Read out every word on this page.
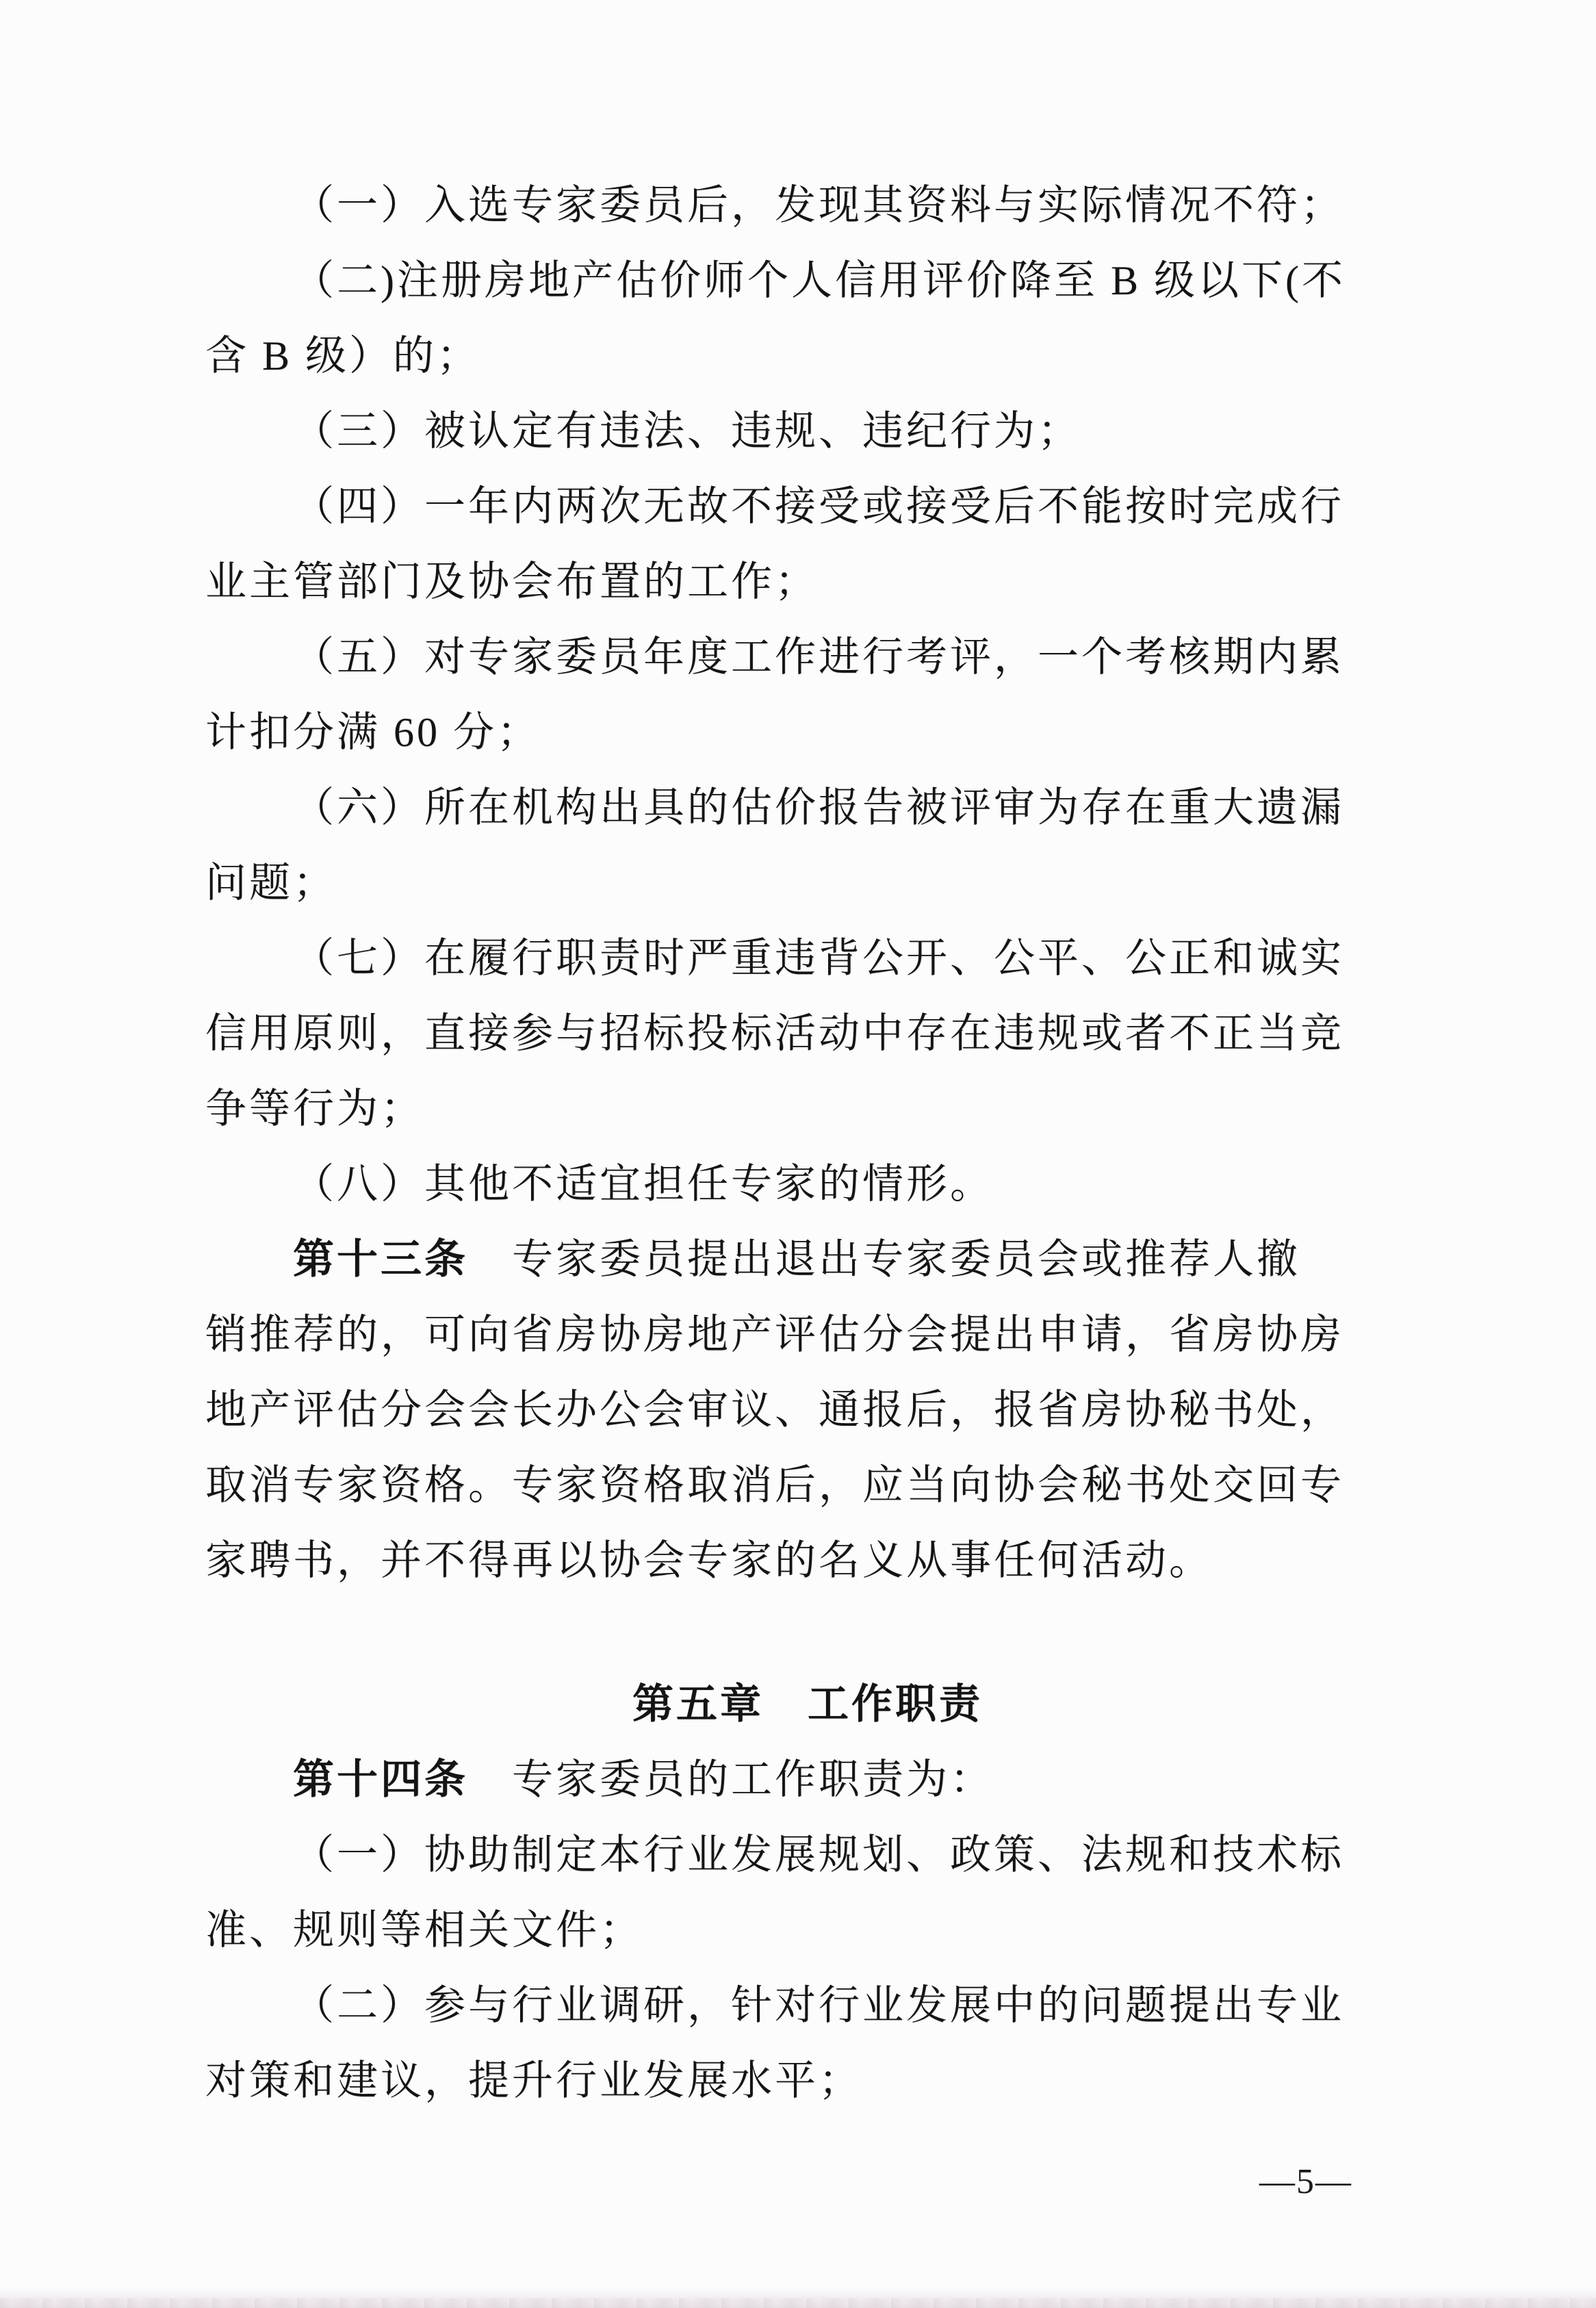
（一）入选专家委员后，发现其资料与实际情况不符；
（二)注册房地产估价师个人信用评价降至 B 级以下(不
含 B 级）的；
（三）被认定有违法、违规、违纪行为；
（四）一年内两次无故不接受或接受后不能按时完成行
业主管部门及协会布置的工作；
（五）对专家委员年度工作进行考评，一个考核期内累
计扣分满 60 分；
（六）所在机构出具的估价报告被评审为存在重大遗漏
问题；
（七）在履行职责时严重违背公开、公平、公正和诚实
信用原则，直接参与招标投标活动中存在违规或者不正当竞
争等行为；
（八）其他不适宜担任专家的情形。
第十三条　专家委员提出退出专家委员会或推荐人撤
销推荐的，可向省房协房地产评估分会提出申请，省房协房
地产评估分会会长办公会审议、通报后，报省房协秘书处，
取消专家资格。专家资格取消后，应当向协会秘书处交回专
家聘书，并不得再以协会专家的名义从事任何活动。
第五章　工作职责
第十四条　专家委员的工作职责为：
（一）协助制定本行业发展规划、政策、法规和技术标
准、规则等相关文件；
（二）参与行业调研，针对行业发展中的问题提出专业
对策和建议，提升行业发展水平；
—5—
